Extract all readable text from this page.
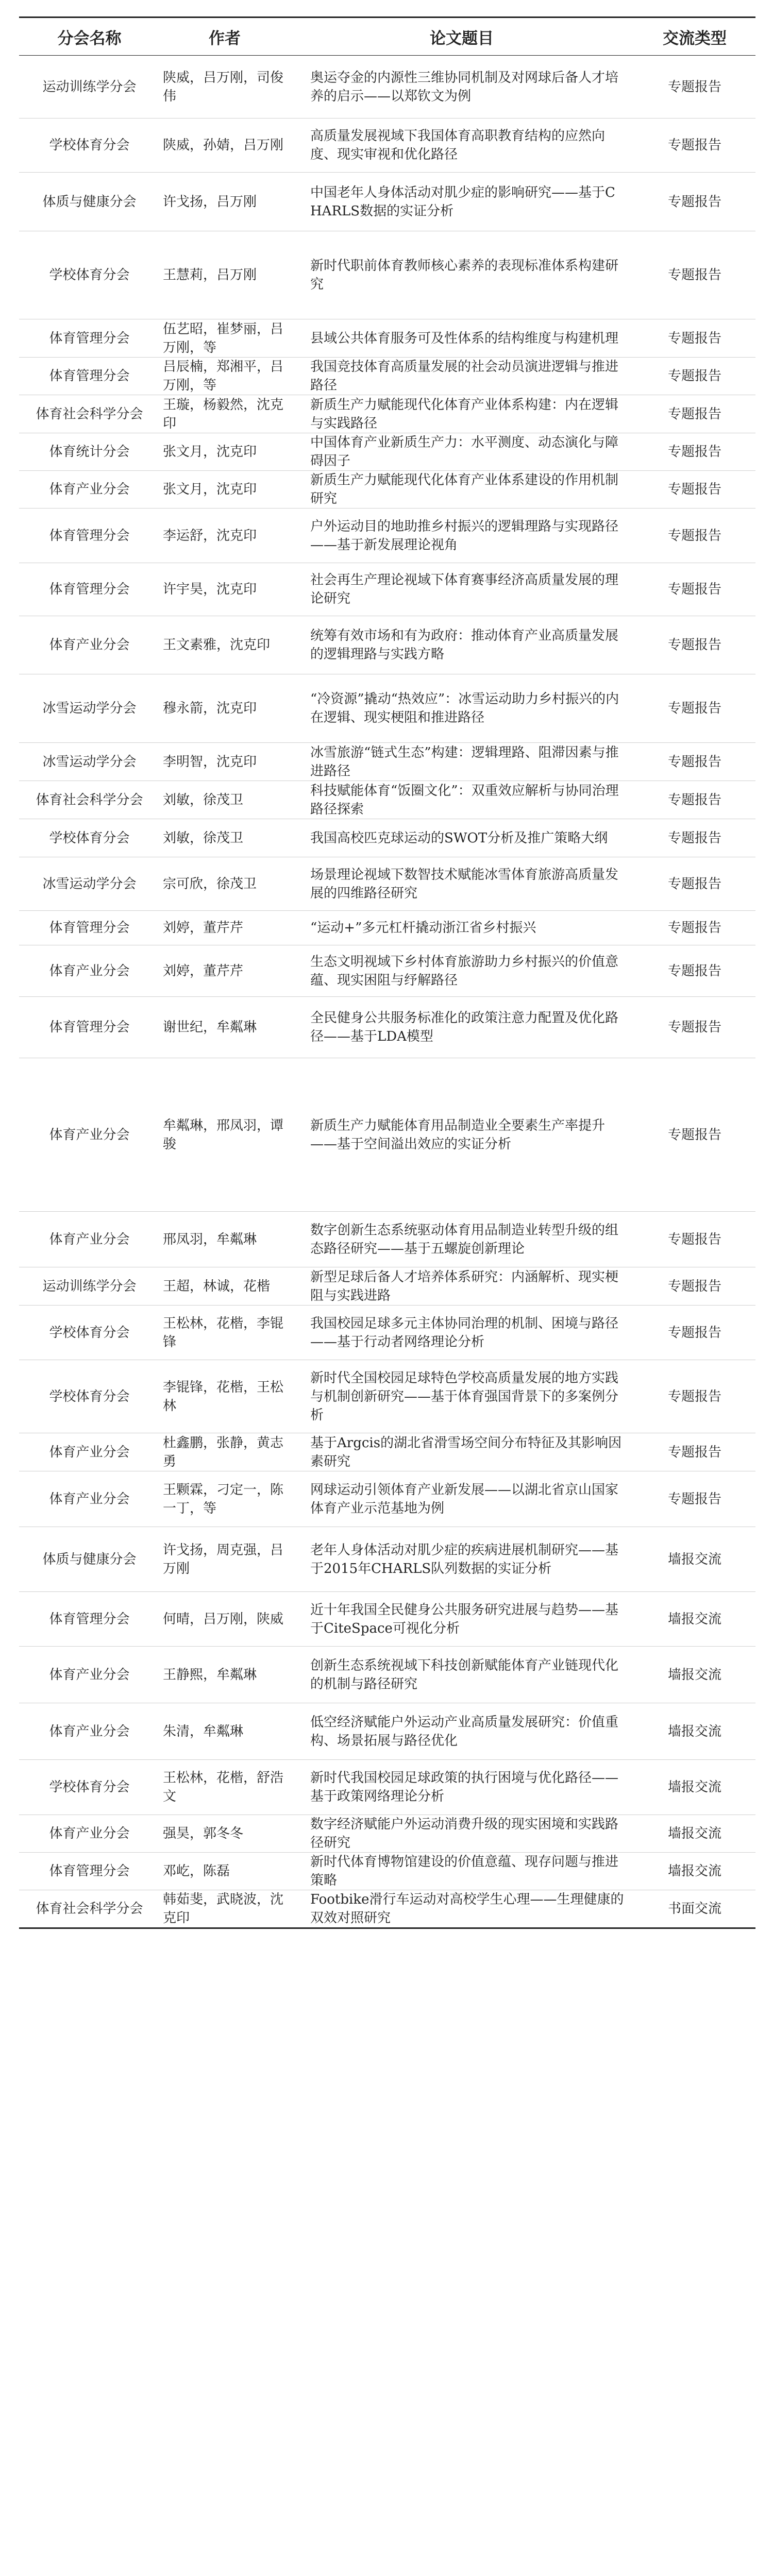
分会名称	作者	论文题目	交流类型
运动训练学分会	陕威，吕万刚，司俊伟	奥运夺金的内源性三维协同机制及对网球后备人才培养的启示——以郑钦文为例	专题报告
学校体育分会	陕威，孙婧，吕万刚	高质量发展视域下我国体育高职教育结构的应然向度、现实审视和优化路径	专题报告
体质与健康分会	许戈扬，吕万刚	中国老年人身体活动对肌少症的影响研究——基于CHARLS数据的实证分析	专题报告
学校体育分会	王慧莉，吕万刚	新时代职前体育教师核心素养的表现标准体系构建研究	专题报告
体育管理分会	伍艺昭，崔梦丽，吕万刚，等	县域公共体育服务可及性体系的结构维度与构建机理	专题报告
体育管理分会	吕辰楠，郑湘平，吕万刚，等	我国竞技体育高质量发展的社会动员演进逻辑与推进路径	专题报告
体育社会科学分会	王璇，杨毅然，沈克印	新质生产力赋能现代化体育产业体系构建：内在逻辑与实践路径	专题报告
体育统计分会	张文月，沈克印	中国体育产业新质生产力：水平测度、动态演化与障碍因子	专题报告
体育产业分会	张文月，沈克印	新质生产力赋能现代化体育产业体系建设的作用机制研究	专题报告
体育管理分会	李运舒，沈克印	户外运动目的地助推乡村振兴的逻辑理路与实现路径——基于新发展理论视角	专题报告
体育管理分会	许宇昊，沈克印	社会再生产理论视域下体育赛事经济高质量发展的理论研究	专题报告
体育产业分会	王文素雅，沈克印	统筹有效市场和有为政府：推动体育产业高质量发展的逻辑理路与实践方略	专题报告
冰雪运动学分会	穆永箭，沈克印	“冷资源”撬动“热效应”：冰雪运动助力乡村振兴的内在逻辑、现实梗阻和推进路径	专题报告
冰雪运动学分会	李明智，沈克印	冰雪旅游“链式生态”构建：逻辑理路、阻滞因素与推进路径	专题报告
体育社会科学分会	刘敏，徐茂卫	科技赋能体育“饭圈文化”：双重效应解析与协同治理路径探索	专题报告
学校体育分会	刘敏，徐茂卫	我国高校匹克球运动的SWOT分析及推广策略大纲	专题报告
冰雪运动学分会	宗可欣，徐茂卫	场景理论视域下数智技术赋能冰雪体育旅游高质量发展的四维路径研究	专题报告
体育管理分会	刘婷，董芹芹	“运动+”多元杠杆撬动浙江省乡村振兴	专题报告
体育产业分会	刘婷，董芹芹	生态文明视域下乡村体育旅游助力乡村振兴的价值意蕴、现实困阻与纾解路径	专题报告
体育管理分会	谢世纪，牟粼琳	全民健身公共服务标准化的政策注意力配置及优化路径——基于LDA模型	专题报告
体育产业分会	牟粼琳，邢凤羽，谭骏	新质生产力赋能体育用品制造业全要素生产率提升——基于空间溢出效应的实证分析	专题报告
体育产业分会	邢凤羽，牟粼琳	数字创新生态系统驱动体育用品制造业转型升级的组态路径研究——基于五螺旋创新理论	专题报告
运动训练学分会	王超，林诚，花楷	新型足球后备人才培养体系研究：内涵解析、现实梗阻与实践进路	专题报告
学校体育分会	王松林，花楷，李锟锋	我国校园足球多元主体协同治理的机制、困境与路径——基于行动者网络理论分析	专题报告
学校体育分会	李锟锋，花楷，王松林	新时代全国校园足球特色学校高质量发展的地方实践与机制创新研究——基于体育强国背景下的多案例分析	专题报告
体育产业分会	杜鑫鹏，张静，黄志勇	基于Argcis的湖北省滑雪场空间分布特征及其影响因素研究	专题报告
体育产业分会	王颗霖，刁定一，陈一丁，等	网球运动引领体育产业新发展——以湖北省京山国家体育产业示范基地为例	专题报告
体质与健康分会	许戈扬，周克强，吕万刚	老年人身体活动对肌少症的疾病进展机制研究——基于2015年CHARLS队列数据的实证分析	墙报交流
体育管理分会	何晴，吕万刚，陕威	近十年我国全民健身公共服务研究进展与趋势——基于CiteSpace可视化分析	墙报交流
体育产业分会	王静熙，牟粼琳	创新生态系统视域下科技创新赋能体育产业链现代化的机制与路径研究	墙报交流
体育产业分会	朱清，牟粼琳	低空经济赋能户外运动产业高质量发展研究：价值重构、场景拓展与路径优化	墙报交流
学校体育分会	王松林，花楷，舒浩文	新时代我国校园足球政策的执行困境与优化路径——基于政策网络理论分析	墙报交流
体育产业分会	强昊，郭冬冬	数字经济赋能户外运动消费升级的现实困境和实践路径研究	墙报交流
体育管理分会	邓屹，陈磊	新时代体育博物馆建设的价值意蕴、现存问题与推进策略	墙报交流
体育社会科学分会	韩茹斐，武晓波，沈克印	Footbike滑行车运动对高校学生心理——生理健康的双效对照研究	书面交流
